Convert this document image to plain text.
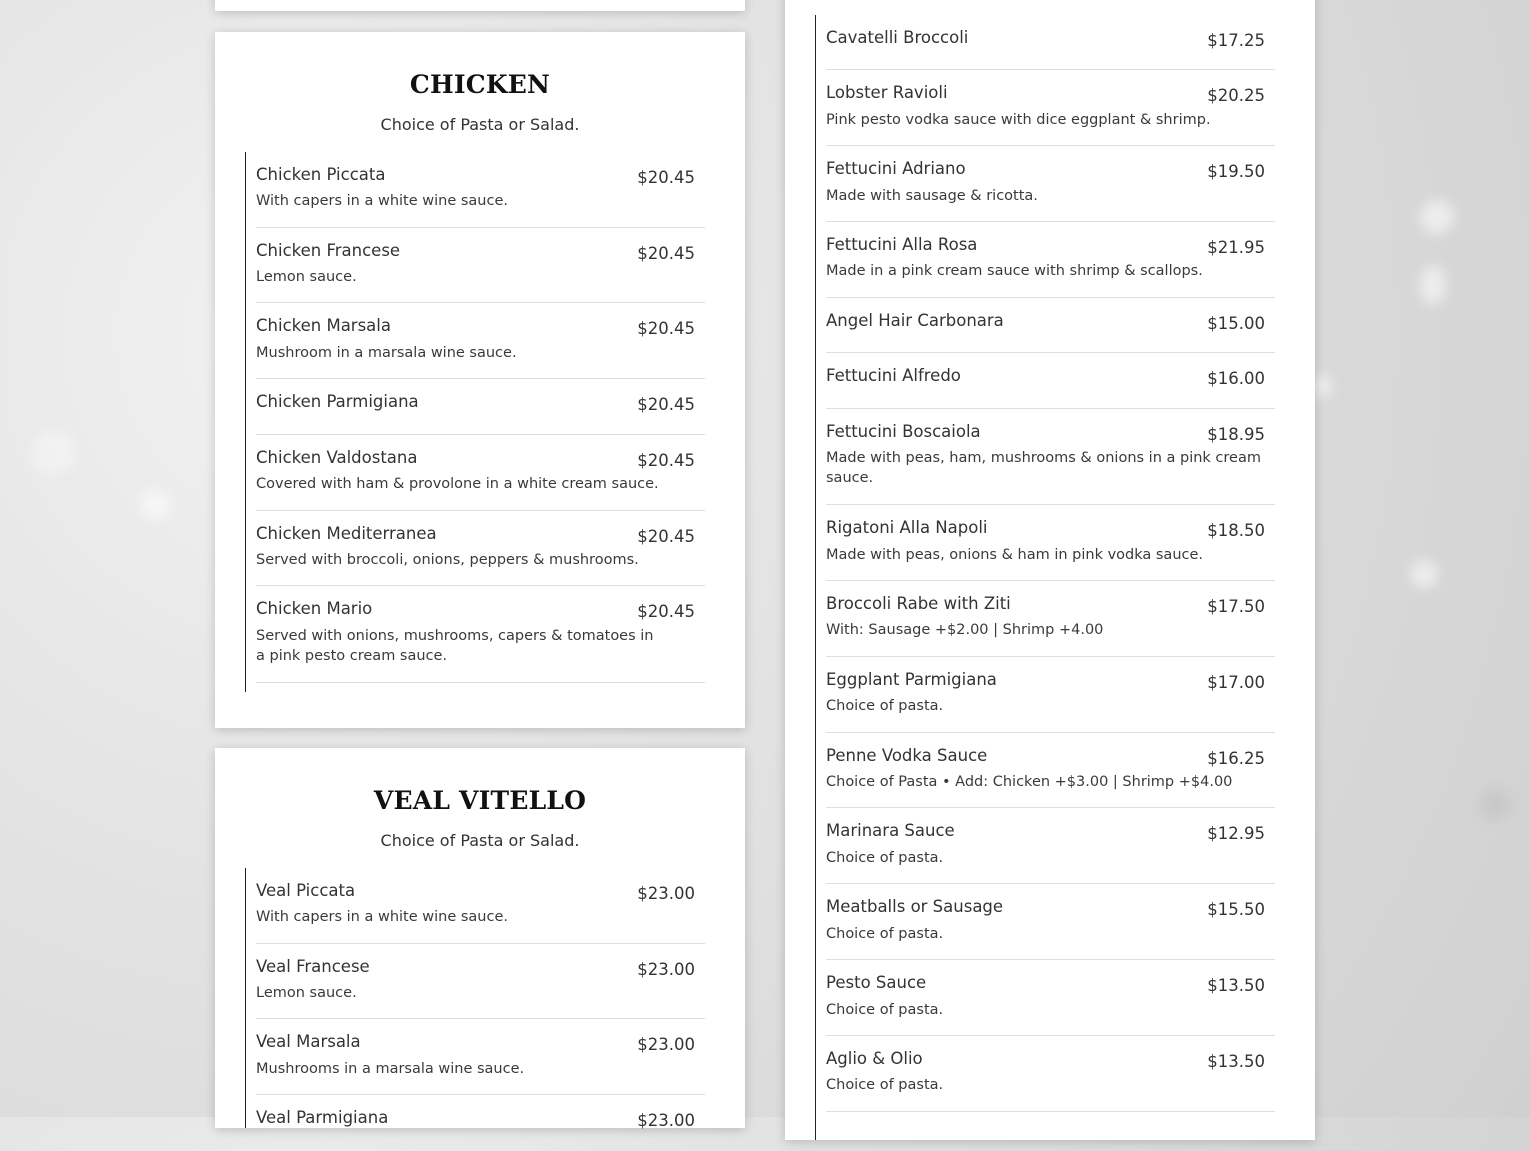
CHICKEN

Choice of Pasta or Salad.

Chicken Piccata	$20.45
With capers in a white wine sauce.
Chicken Francese	$20.45
Lemon sauce.
Chicken Marsala	$20.45
Mushroom in a marsala wine sauce.
Chicken Parmigiana	$20.45
Chicken Valdostana	$20.45
Covered with ham & provolone in a white cream sauce.
Chicken Mediterranea	$20.45
Served with broccoli, onions, peppers & mushrooms.
Chicken Mario	$20.45
Served with onions, mushrooms, capers & tomatoes in a pink pesto cream sauce.
VEAL VITELLO

Choice of Pasta or Salad.

Veal Piccata	$23.00
With capers in a white wine sauce.
Veal Francese	$23.00
Lemon sauce.
Veal Marsala	$23.00
Mushrooms in a marsala wine sauce.
Veal Parmigiana	$23.00
Cavatelli Broccoli	$17.25
Lobster Ravioli	$20.25
Pink pesto vodka sauce with dice eggplant & shrimp.
Fettucini Adriano	$19.50
Made with sausage & ricotta.
Fettucini Alla Rosa	$21.95
Made in a pink cream sauce with shrimp & scallops.
Angel Hair Carbonara	$15.00
Fettucini Alfredo	$16.00
Fettucini Boscaiola	$18.95
Made with peas, ham, mushrooms & onions in a pink cream sauce.
Rigatoni Alla Napoli	$18.50
Made with peas, onions & ham in pink vodka sauce.
Broccoli Rabe with Ziti	$17.50
With: Sausage +$2.00 | Shrimp +4.00
Eggplant Parmigiana	$17.00
Choice of pasta.
Penne Vodka Sauce	$16.25
Choice of Pasta • Add: Chicken +$3.00 | Shrimp +$4.00
Marinara Sauce	$12.95
Choice of pasta.
Meatballs or Sausage	$15.50
Choice of pasta.
Pesto Sauce	$13.50
Choice of pasta.
Aglio & Olio	$13.50
Choice of pasta.
